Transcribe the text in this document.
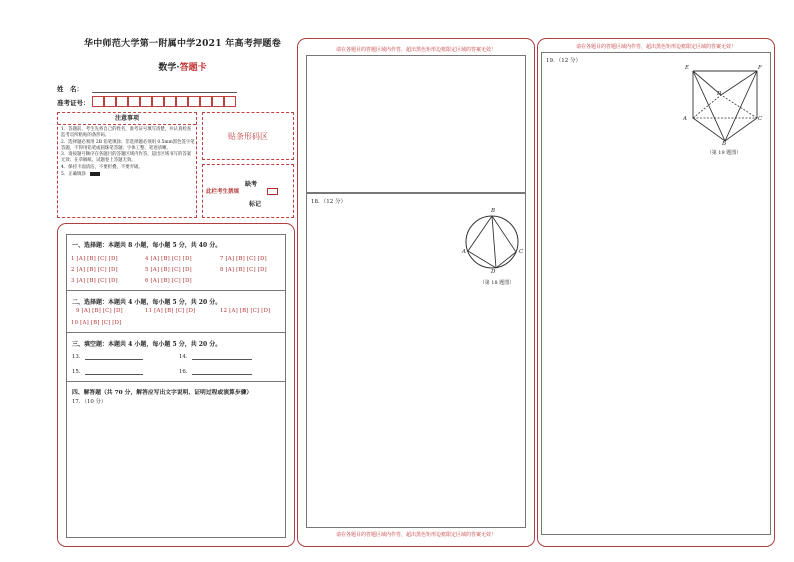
华中师范大学第一附属中学2021 年高考押题卷
数学·答题卡
姓　名：
准考证号：
注意事项
1．答题前，考生先将自己的姓名，准考证号填写清楚，并认真检查监考员所粘贴的条形码。
2．选择题必须用 2B 铅笔填涂；非选择题必须用 0.5mm黑色签字笔答题，不得用铅笔或圆珠笔答题；字体工整、笔迹清晰。
3．请按题号顺序在各题目的答题区域内作答，超出区域书写的答案无效；在草稿纸、试题卷上答题无效。
4．保持卡面清洁，不要折叠、不要弄破。
5．正确填涂
贴条形码区
缺考
此栏考生禁填
标记
一、选择题：本题共 8 小题，每小题 5 分，共 40 分。
1 [A] [B] [C] [D]	4 [A] [B] [C] [D]	7 [A] [B] [C] [D]
2 [A] [B] [C] [D]	5 [A] [B] [C] [D]	8 [A] [B] [C] [D]
3 [A] [B] [C] [D]	6 [A] [B] [C] [D]
二、选择题：本题共 4 小题，每小题 5 分，共 20 分。
9 [A] [B] [C] [D]	11 [A] [B] [C] [D]	12 [A] [B] [C] [D]
10 [A] [B] [C] [D]
三、填空题：本题共 4 小题，每小题 5 分，共 20 分。
13．	14．
15．	16．
四、解答题（共 70 分，解答应写出文字说明、证明过程或演算步骤）
17．（10 分）
请在各题目的答题区域内作答，超出黑色矩形边框限定区域的答案无效！
18．（12 分）
B
A	C
D
（第 18 题图）
请在各题目的答题区域内作答，超出黑色矩形边框限定区域的答案无效！
请在各题目的答题区域内作答，超出黑色矩形边框限定区域的答案无效！
19．（12 分）
E	F
D
A	C
B
（第 19 题图）
